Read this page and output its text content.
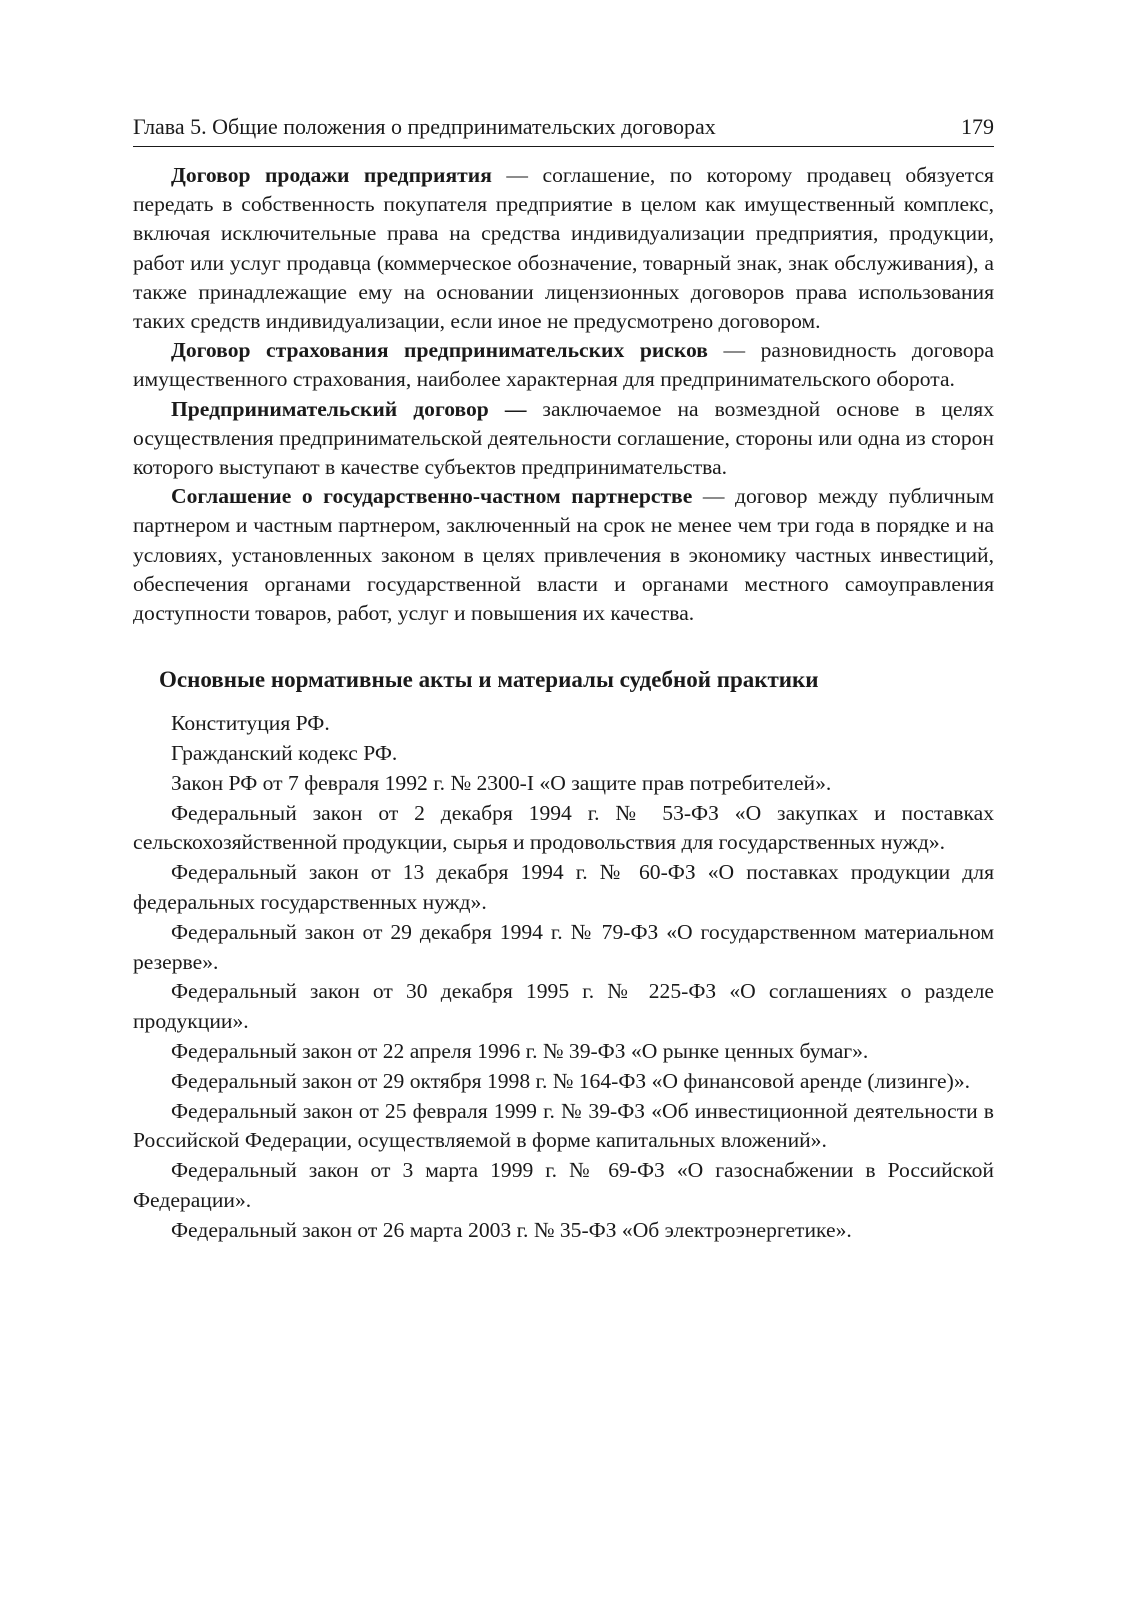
Глава 5. Общие положения о предпринимательских договорах	179

Договор продажи предприятия — соглашение, по которому продавец обязуется передать в собственность покупателя предприятие в целом как имущественный комплекс, включая исключительные права на средства индивидуализации предприятия, продукции, работ или услуг продавца (коммерческое обозначение, товарный знак, знак обслуживания), а также принадлежащие ему на основании лицензионных договоров права использования таких средств индивидуализации, если иное не предусмотрено договором.

Договор страхования предпринимательских рисков — разновидность договора имущественного страхования, наиболее характерная для предпринимательского оборота.

Предпринимательский договор — заключаемое на возмездной основе в целях осуществления предпринимательской деятельности соглашение, стороны или одна из сторон которого выступают в качестве субъектов предпринимательства.

Соглашение о государственно-частном партнерстве — договор между публичным партнером и частным партнером, заключенный на срок не менее чем три года в порядке и на условиях, установленных законом в целях привлечения в экономику частных инвестиций, обеспечения органами государственной власти и органами местного самоуправления доступности товаров, работ, услуг и повышения их качества.

Основные нормативные акты и материалы судебной практики

Конституция РФ.

Гражданский кодекс РФ.

Закон РФ от 7 февраля 1992 г. № 2300-I «О защите прав потребителей».

Федеральный закон от 2 декабря 1994 г. № 53-ФЗ «О закупках и поставках сельскохозяйственной продукции, сырья и продовольствия для государственных нужд».

Федеральный закон от 13 декабря 1994 г. № 60-ФЗ «О поставках продукции для федеральных государственных нужд».

Федеральный закон от 29 декабря 1994 г. № 79-ФЗ «О государственном материальном резерве».

Федеральный закон от 30 декабря 1995 г. № 225-ФЗ «О соглашениях о разделе продукции».

Федеральный закон от 22 апреля 1996 г. № 39-ФЗ «О рынке ценных бумаг».

Федеральный закон от 29 октября 1998 г. № 164-ФЗ «О финансовой аренде (лизинге)».

Федеральный закон от 25 февраля 1999 г. № 39-ФЗ «Об инвестиционной деятельности в Российской Федерации, осуществляемой в форме капитальных вложений».

Федеральный закон от 3 марта 1999 г. № 69-ФЗ «О газоснабжении в Российской Федерации».

Федеральный закон от 26 марта 2003 г. № 35-ФЗ «Об электроэнергетике».
